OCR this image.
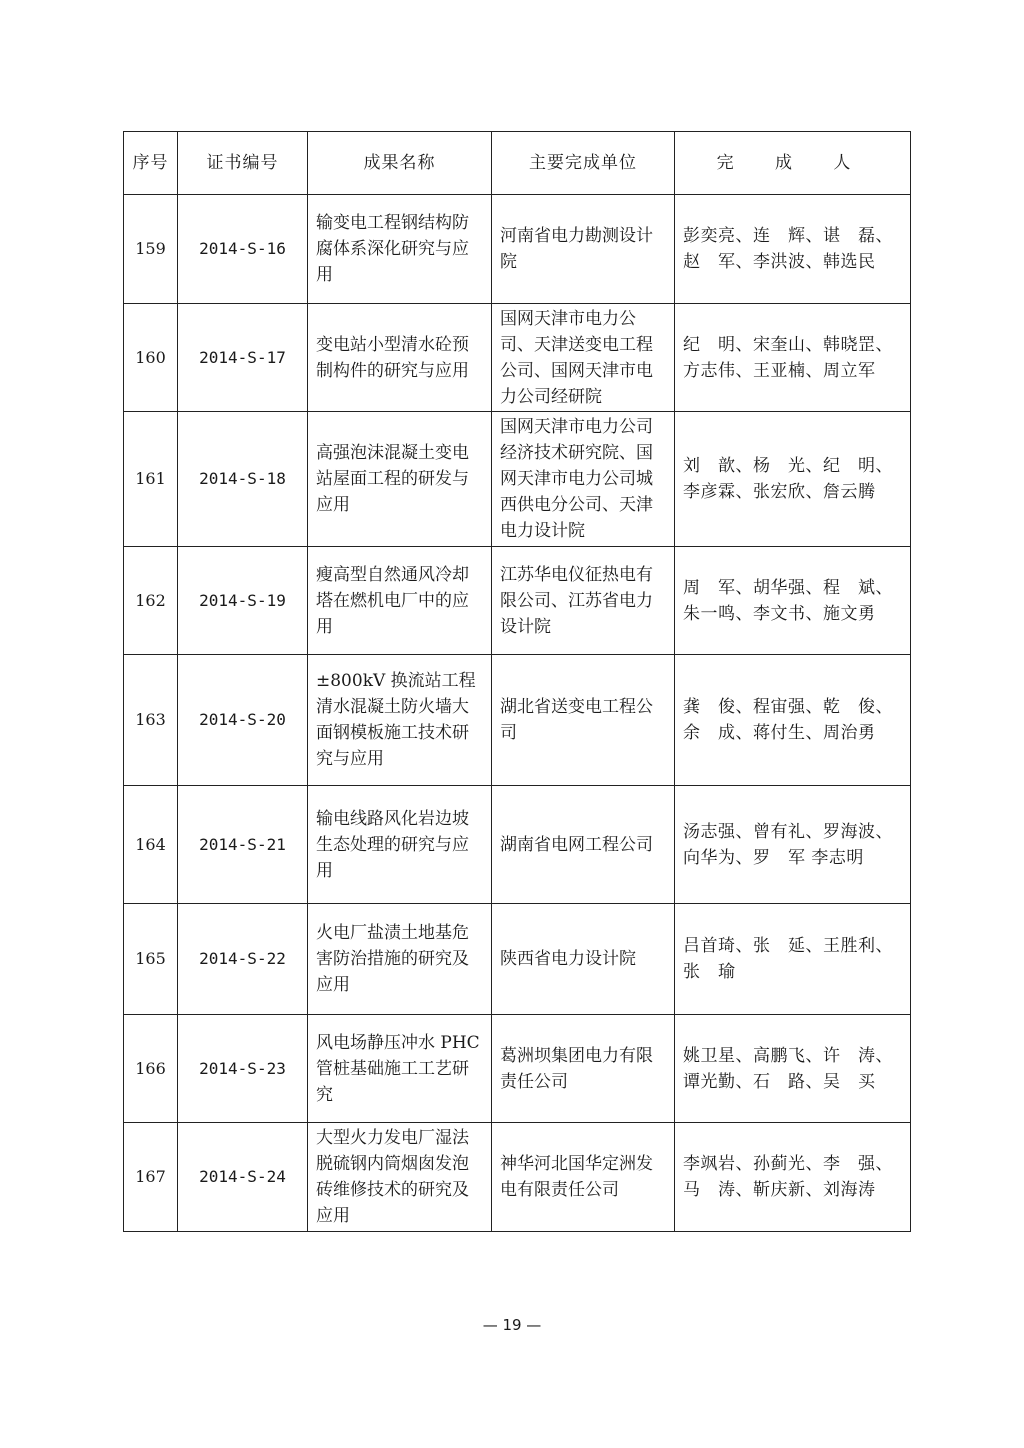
序号	证书编号	成果名称	主要完成单位	完 成 人
159	2014-S-16	输变电工程钢结构防腐体系深化研究与应用	河南省电力勘测设计院	彭奕亮、连　辉、谌　磊、赵　军、李洪波、韩选民
160	2014-S-17	变电站小型清水砼预制构件的研究与应用	国网天津市电力公司、天津送变电工程公司、国网天津市电力公司经研院	纪　明、宋奎山、韩晓罡、方志伟、王亚楠、周立军
161	2014-S-18	高强泡沫混凝土变电站屋面工程的研发与应用	国网天津市电力公司经济技术研究院、国网天津市电力公司城西供电分公司、天津电力设计院	刘　歆、杨　光、纪　明、李彦霖、张宏欣、詹云腾
162	2014-S-19	瘦高型自然通风冷却塔在燃机电厂中的应用	江苏华电仪征热电有限公司、江苏省电力设计院	周　军、胡华强、程　斌、朱一鸣、李文书、施文勇
163	2014-S-20	±800kV 换流站工程清水混凝土防火墙大面钢模板施工技术研究与应用	湖北省送变电工程公司	龚　俊、程宙强、乾　俊、余　成、蒋付生、周治勇
164	2014-S-21	输电线路风化岩边坡生态处理的研究与应用	湖南省电网工程公司	汤志强、曾有礼、罗海波、向华为、罗　军 李志明
165	2014-S-22	火电厂盐渍土地基危害防治措施的研究及应用	陕西省电力设计院	吕首琦、张　延、王胜利、张　瑜
166	2014-S-23	风电场静压冲水 PHC 管桩基础施工工艺研究	葛洲坝集团电力有限责任公司	姚卫星、高鹏飞、许　涛、谭光勤、石　路、吴　买
167	2014-S-24	大型火力发电厂湿法脱硫钢内筒烟囱发泡砖维修技术的研究及应用	神华河北国华定洲发电有限责任公司	李飒岩、孙蓟光、李　强、马　涛、靳庆新、刘海涛
— 19 —
